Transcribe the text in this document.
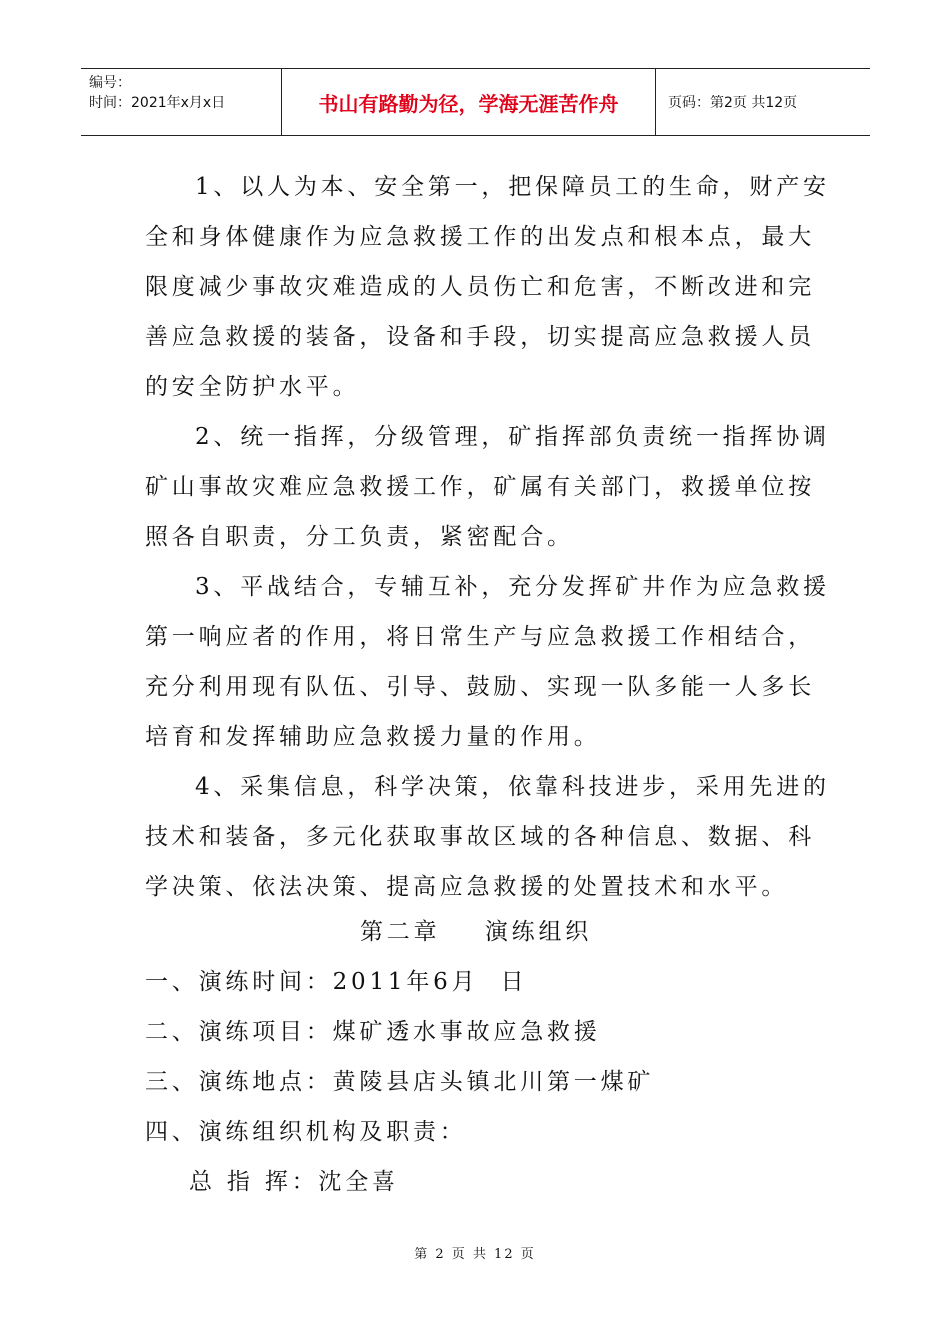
编号：
时间：2021年x月x日	书山有路勤为径，学海无涯苦作舟	页码：第2页 共12页
1、以人为本、安全第一，把保障员工的生命，财产安
全和身体健康作为应急救援工作的出发点和根本点，最大
限度减少事故灾难造成的人员伤亡和危害，不断改进和完
善应急救援的装备，设备和手段，切实提高应急救援人员
的安全防护水平。
2、统一指挥，分级管理，矿指挥部负责统一指挥协调
矿山事故灾难应急救援工作，矿属有关部门，救援单位按
照各自职责，分工负责，紧密配合。
3、平战结合，专辅互补，充分发挥矿井作为应急救援
第一响应者的作用，将日常生产与应急救援工作相结合，
充分利用现有队伍、引导、鼓励、实现一队多能一人多长
培育和发挥辅助应急救援力量的作用。
4、采集信息，科学决策，依靠科技进步，采用先进的
技术和装备，多元化获取事故区域的各种信息、数据、科
学决策、依法决策、提高应急救援的处置技术和水平。
第二章    演练组织
一、演练时间：2011年6月  日
二、演练项目：煤矿透水事故应急救援
三、演练地点：黄陵县店头镇北川第一煤矿
四、演练组织机构及职责：
总 指 挥：沈全喜
第 2 页 共 12 页
